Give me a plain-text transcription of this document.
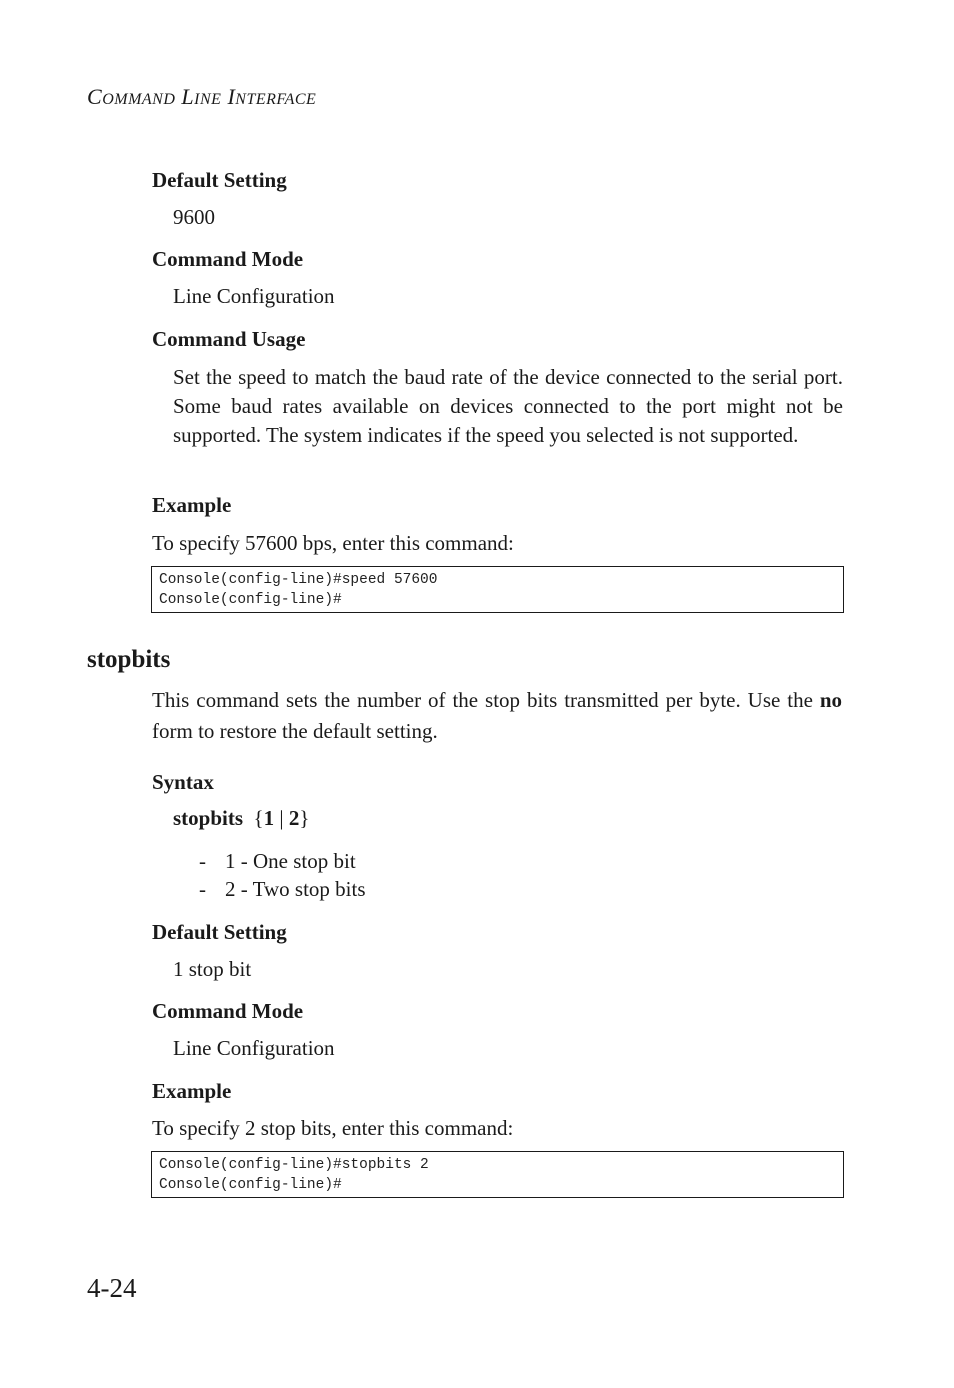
COMMAND LINE INTERFACE
Default Setting
9600
Command Mode
Line Configuration
Command Usage
Set the speed to match the baud rate of the device connected to the serial port. Some baud rates available on devices connected to the port might not be supported. The system indicates if the speed you selected is not supported.
Example
To specify 57600 bps, enter this command:
Console(config-line)#speed 57600
Console(config-line)#
stopbits
This command sets the number of the stop bits transmitted per byte. Use the no form to restore the default setting.
Syntax
stopbits {1 | 2}
- 1 - One stop bit
- 2 - Two stop bits
Default Setting
1 stop bit
Command Mode
Line Configuration
Example
To specify 2 stop bits, enter this command:
Console(config-line)#stopbits 2
Console(config-line)#
4-24
